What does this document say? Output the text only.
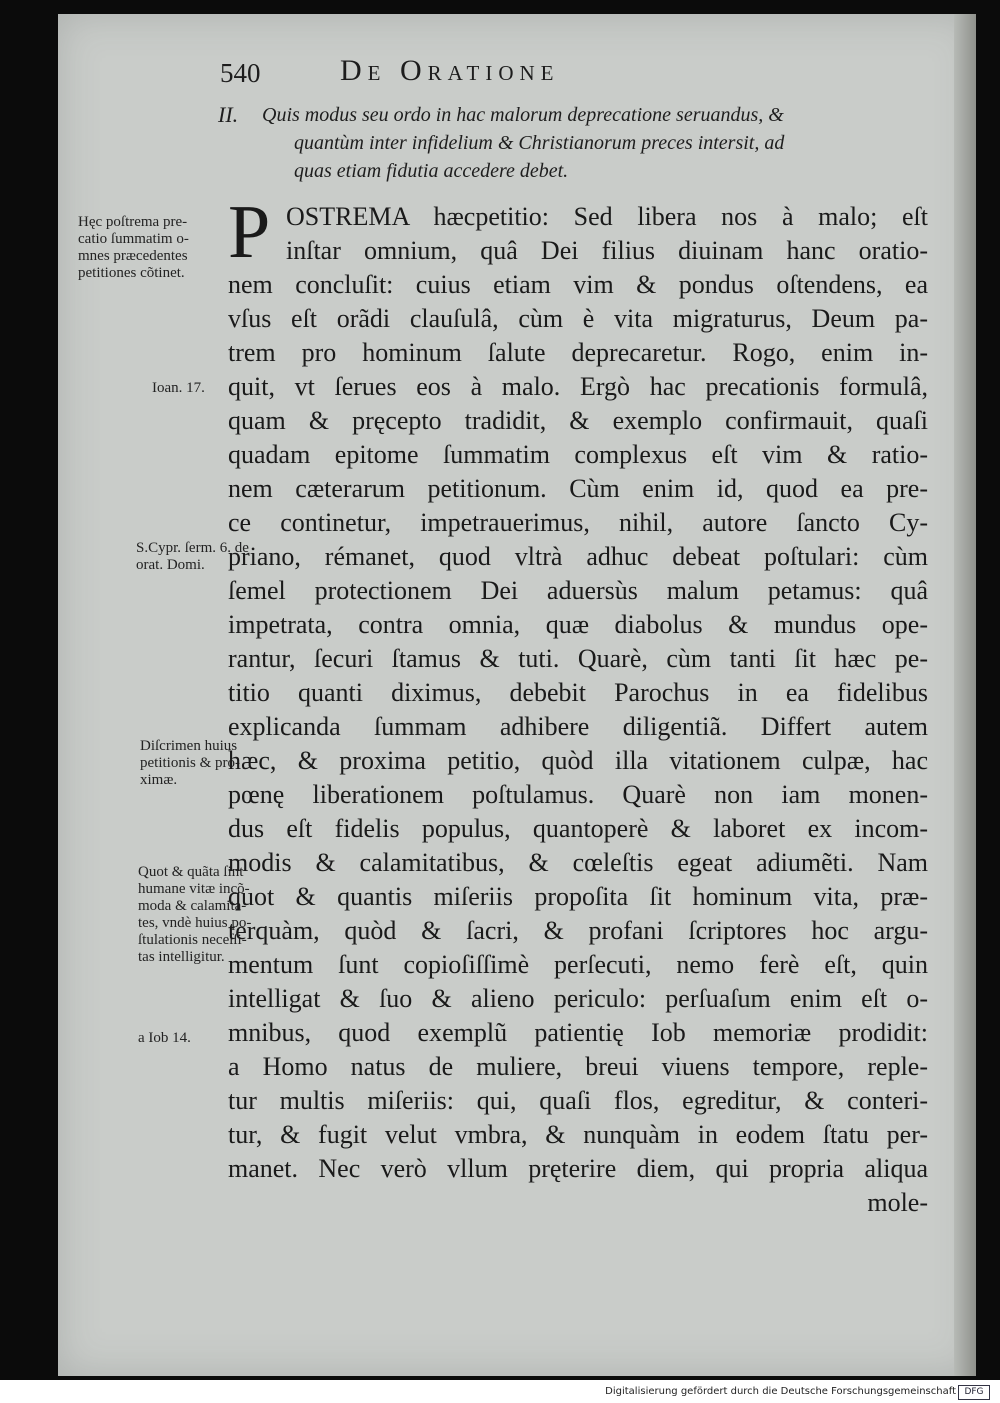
540	De Oratione
II. Quis modus seu ordo in hac malorum deprecatione seruandus, &
quantùm inter infidelium & Christianorum preces intersit, ad
quas etiam fidutia accedere debet.
Hęc poſtrema pre-
catio ſummatim o-
mnes præcedentes
petitiones cõtinet.
Ioan. 17.
S.Cypr. ſerm. 6. de
orat. Domi.
Diſcrimen huius
petitionis & pro-
ximæ.
Quot & quãta ſint
humane vitæ incõ-
moda & calamita-
tes, vndè huius po-
ſtulationis neceſſi-
tas intelligitur.
a Iob 14.
P OSTREMA hæcpetitio: Sed libera nos à malo; eſt
inſtar omnium, quâ Dei filius diuinam hanc oratio-
nem concluſit: cuius etiam vim & pondus oſtendens, ea
vſus eſt orãdi clauſulâ, cùm è vita migraturus, Deum pa-
trem pro hominum ſalute deprecaretur. Rogo, enim in-
quit, vt ſerues eos à malo. Ergò hac precationis formulâ,
quam & pręcepto tradidit, & exemplo confirmauit, quaſi
quadam epitome ſummatim complexus eſt vim & ratio-
nem cæterarum petitionum. Cùm enim id, quod ea pre-
ce continetur, impetrauerimus, nihil, autore ſancto Cy-
priano, rémanet, quod vltrà adhuc debeat poſtulari: cùm
ſemel protectionem Dei aduersùs malum petamus: quâ
impetrata, contra omnia, quæ diabolus & mundus ope-
rantur, ſecuri ſtamus & tuti. Quarè, cùm tanti ſit hæc pe-
titio quanti diximus, debebit Parochus in ea fidelibus
explicanda ſummam adhibere diligentiã. Differt autem
hæc, & proxima petitio, quòd illa vitationem culpæ, hac
pœnę liberationem poſtulamus. Quarè non iam monen-
dus eſt fidelis populus, quantoperè & laboret ex incom-
modis & calamitatibus, & cœleſtis egeat adiumẽti. Nam
quot & quantis miſeriis propoſita ſit hominum vita, præ-
terquàm, quòd & ſacri, & profani ſcriptores hoc argu-
mentum ſunt copioſiſſimè perſecuti, nemo ferè eſt, quin
intelligat & ſuo & alieno periculo: perſuaſum enim eſt o-
mnibus, quod exemplũ patientię Iob memoriæ prodidit:
a Homo natus de muliere, breui viuens tempore, reple-
tur multis miſeriis: qui, quaſi flos, egreditur, & conteri-
tur, & fugit velut vmbra, & nunquàm in eodem ſtatu per-
manet. Nec verò vllum pręterire diem, qui propria aliqua
mole-
Digitalisierung gefördert durch die Deutsche Forschungsgemeinschaft DFG
